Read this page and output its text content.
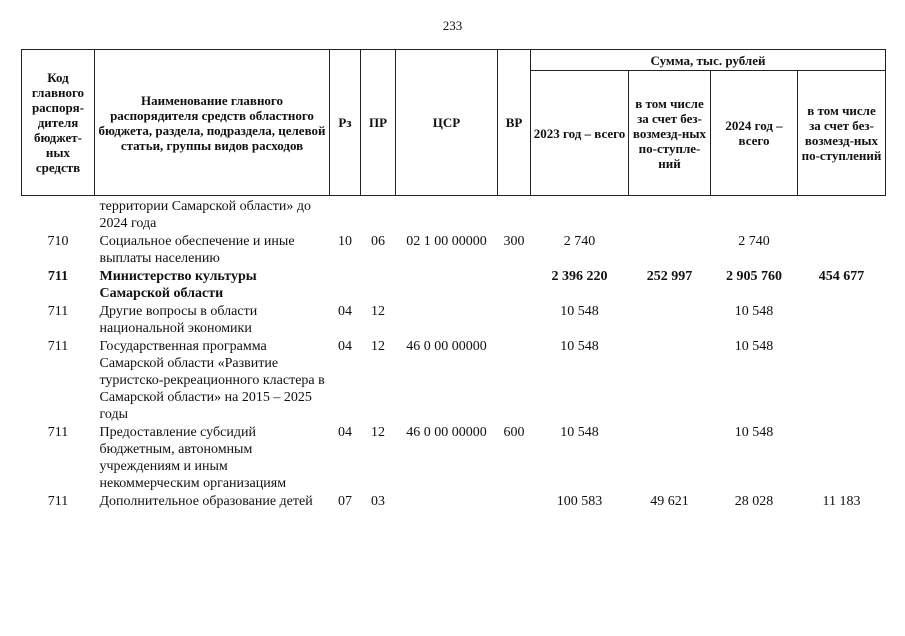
233
Код главного распоря-дителя бюджет-ных средств	Наименование главного распорядителя средств областного бюджета, раздела, подраздела, целевой статьи, группы видов расходов	Рз	ПР	ЦСР	ВР	Сумма, тыс. рублей			
						2023 год – всего	в том числе за счет без-возмезд-ных по-ступле-ний	2024 год – всего	в том числе за счет без-возмезд-ных по-ступлений
	территории Самарской области» до 2024 года								
710	Социальное обеспечение и иные выплаты населению	10	06	02 1 00 00000	300	2 740		2 740	
711	Министерство культуры Самарской области					2 396 220	252 997	2 905 760	454 677
711	Другие вопросы в области национальной экономики	04	12			10 548		10 548	
711	Государственная программа Самарской области «Развитие туристско-рекреационного кластера в Самарской области» на 2015 – 2025 годы	04	12	46 0 00 00000		10 548		10 548	
711	Предоставление субсидий бюджетным, автономным учреждениям и иным некоммерческим организациям	04	12	46 0 00 00000	600	10 548		10 548	
711	Дополнительное образование детей	07	03			100 583	49 621	28 028	11 183
